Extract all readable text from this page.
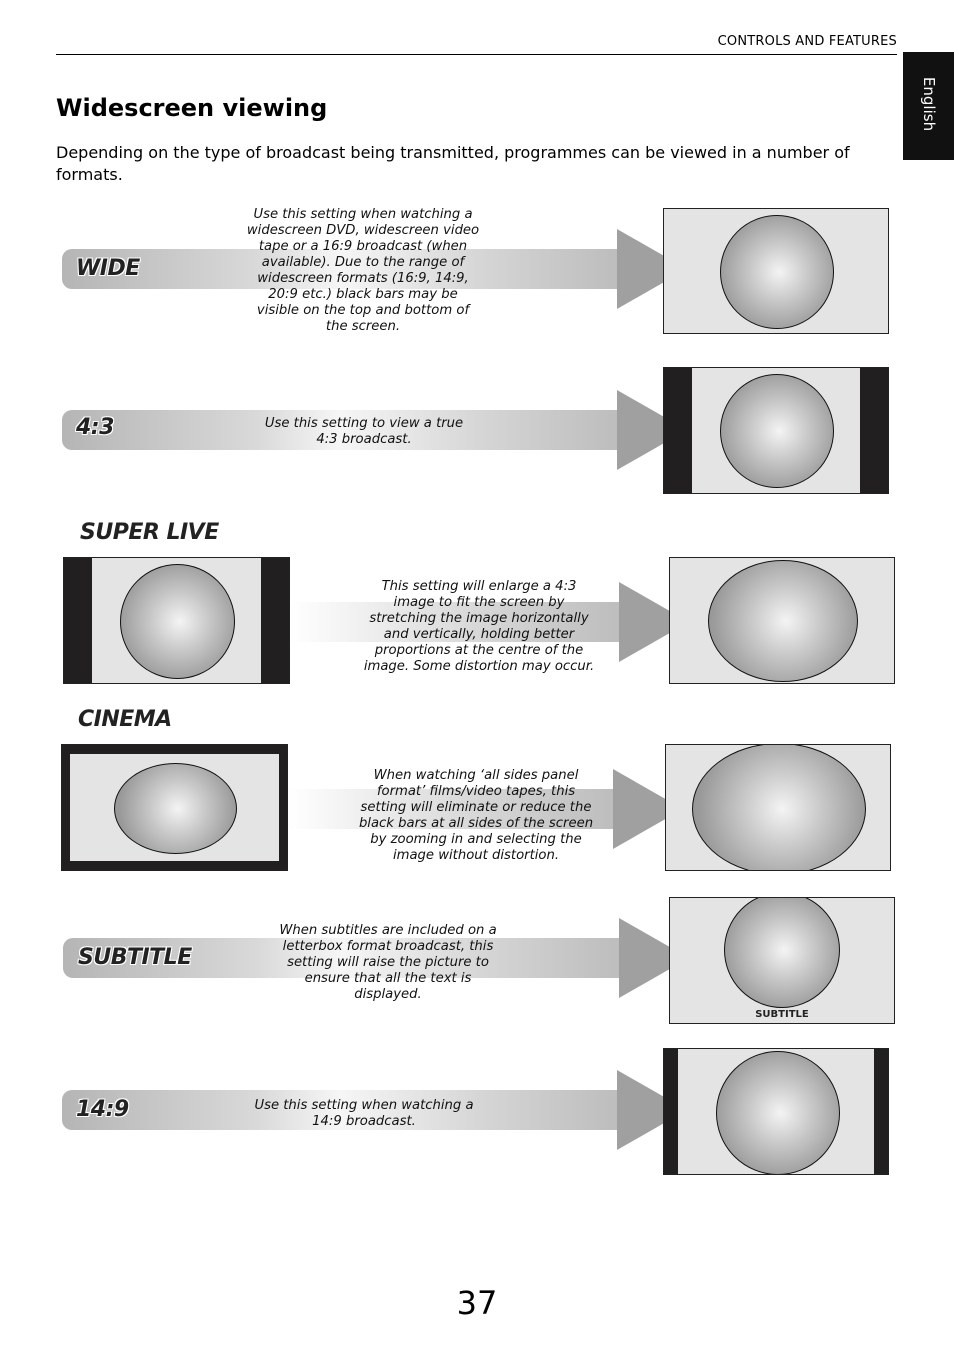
CONTROLS AND FEATURES
English
Widescreen viewing

Depending on the type of broadcast being transmitted, programmes can be viewed in a number of formats.

WIDE
Use this setting when watching a widescreen DVD, widescreen video tape or a 16:9 broadcast (when available). Due to the range of widescreen formats (16:9, 14:9, 20:9 etc.) black bars may be visible on the top and bottom of the screen.
4:3	Use this setting to view a true 4:3 broadcast.
SUPER LIVE
This setting will enlarge a 4:3 image to fit the screen by stretching the image horizontally and vertically, holding better proportions at the centre of the image. Some distortion may occur.
CINEMA
When watching ‘all sides panel format’ films/video tapes, this setting will eliminate or reduce the black bars at all sides of the screen by zooming in and selecting the image without distortion.
SUBTITLE
When subtitles are included on a letterbox format broadcast, this setting will raise the picture to ensure that all the text is displayed.
SUBTITLE
14:9	Use this setting when watching a 14:9 broadcast.
37
